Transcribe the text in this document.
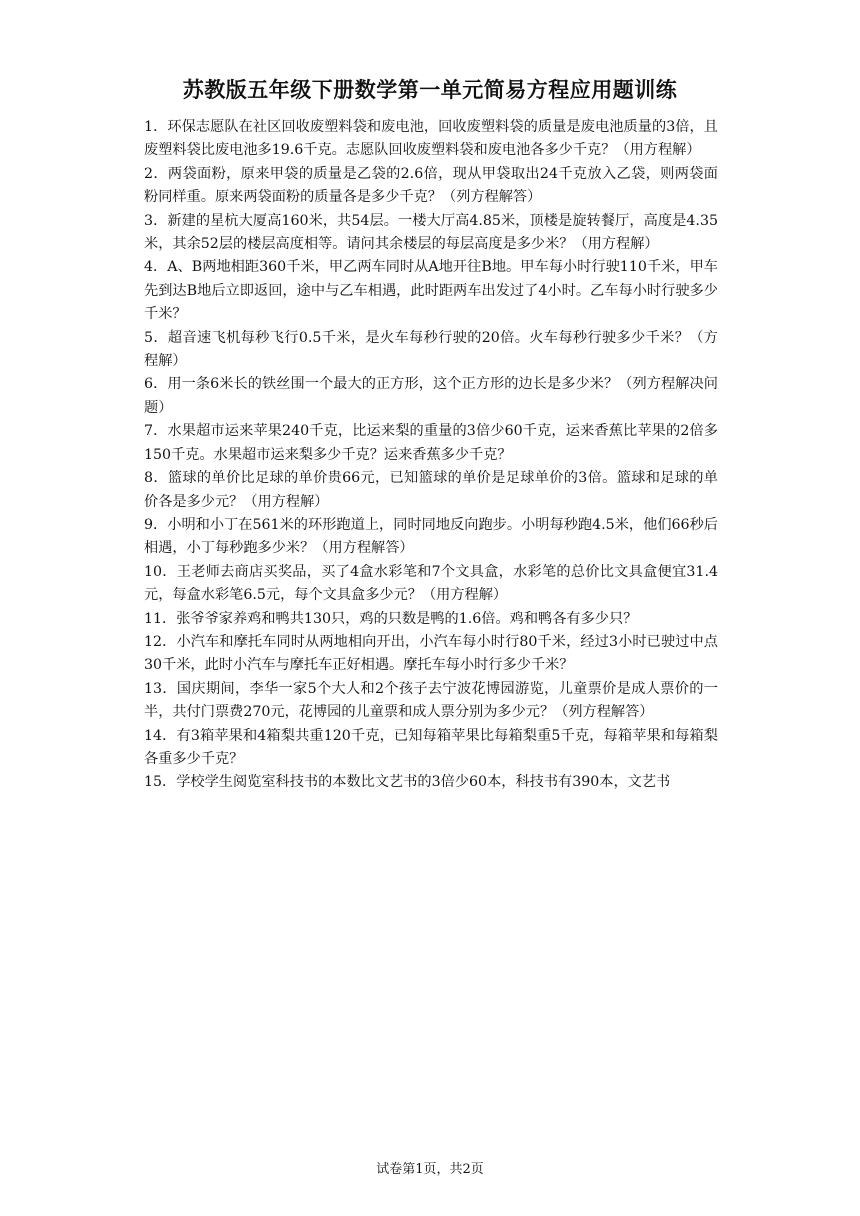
苏教版五年级下册数学第一单元简易方程应用题训练

1．环保志愿队在社区回收废塑料袋和废电池，回收废塑料袋的质量是废电池质量的3倍，且废塑料袋比废电池多19.6千克。志愿队回收废塑料袋和废电池各多少千克？（用方程解）

2．两袋面粉，原来甲袋的质量是乙袋的2.6倍，现从甲袋取出24千克放入乙袋，则两袋面粉同样重。原来两袋面粉的质量各是多少千克？（列方程解答）

3．新建的星杭大厦高160米，共54层。一楼大厅高4.85米，顶楼是旋转餐厅，高度是4.35米，其余52层的楼层高度相等。请问其余楼层的每层高度是多少米？（用方程解）

4．A、B两地相距360千米，甲乙两车同时从A地开往B地。甲车每小时行驶110千米，甲车先到达B地后立即返回，途中与乙车相遇，此时距两车出发过了4小时。乙车每小时行驶多少千米？

5．超音速飞机每秒飞行0.5千米，是火车每秒行驶的20倍。火车每秒行驶多少千米？（方程解）

6．用一条6米长的铁丝围一个最大的正方形，这个正方形的边长是多少米？（列方程解决问题）

7．水果超市运来苹果240千克，比运来梨的重量的3倍少60千克，运来香蕉比苹果的2倍多150千克。水果超市运来梨多少千克？运来香蕉多少千克？

8．篮球的单价比足球的单价贵66元，已知篮球的单价是足球单价的3倍。篮球和足球的单价各是多少元？（用方程解）

9．小明和小丁在561米的环形跑道上，同时同地反向跑步。小明每秒跑4.5米，他们66秒后相遇，小丁每秒跑多少米？（用方程解答）

10．王老师去商店买奖品，买了4盒水彩笔和7个文具盒，水彩笔的总价比文具盒便宜31.4元，每盒水彩笔6.5元，每个文具盒多少元？（用方程解）

11．张爷爷家养鸡和鸭共130只，鸡的只数是鸭的1.6倍。鸡和鸭各有多少只？

12．小汽车和摩托车同时从两地相向开出，小汽车每小时行80千米，经过3小时已驶过中点30千米，此时小汽车与摩托车正好相遇。摩托车每小时行多少千米？

13．国庆期间，李华一家5个大人和2个孩子去宁波花博园游览，儿童票价是成人票价的一半，共付门票费270元，花博园的儿童票和成人票分别为多少元？（列方程解答）

14．有3箱苹果和4箱梨共重120千克，已知每箱苹果比每箱梨重5千克，每箱苹果和每箱梨各重多少千克？

15．学校学生阅览室科技书的本数比文艺书的3倍少60本，科技书有390本，文艺书

试卷第1页，共2页
